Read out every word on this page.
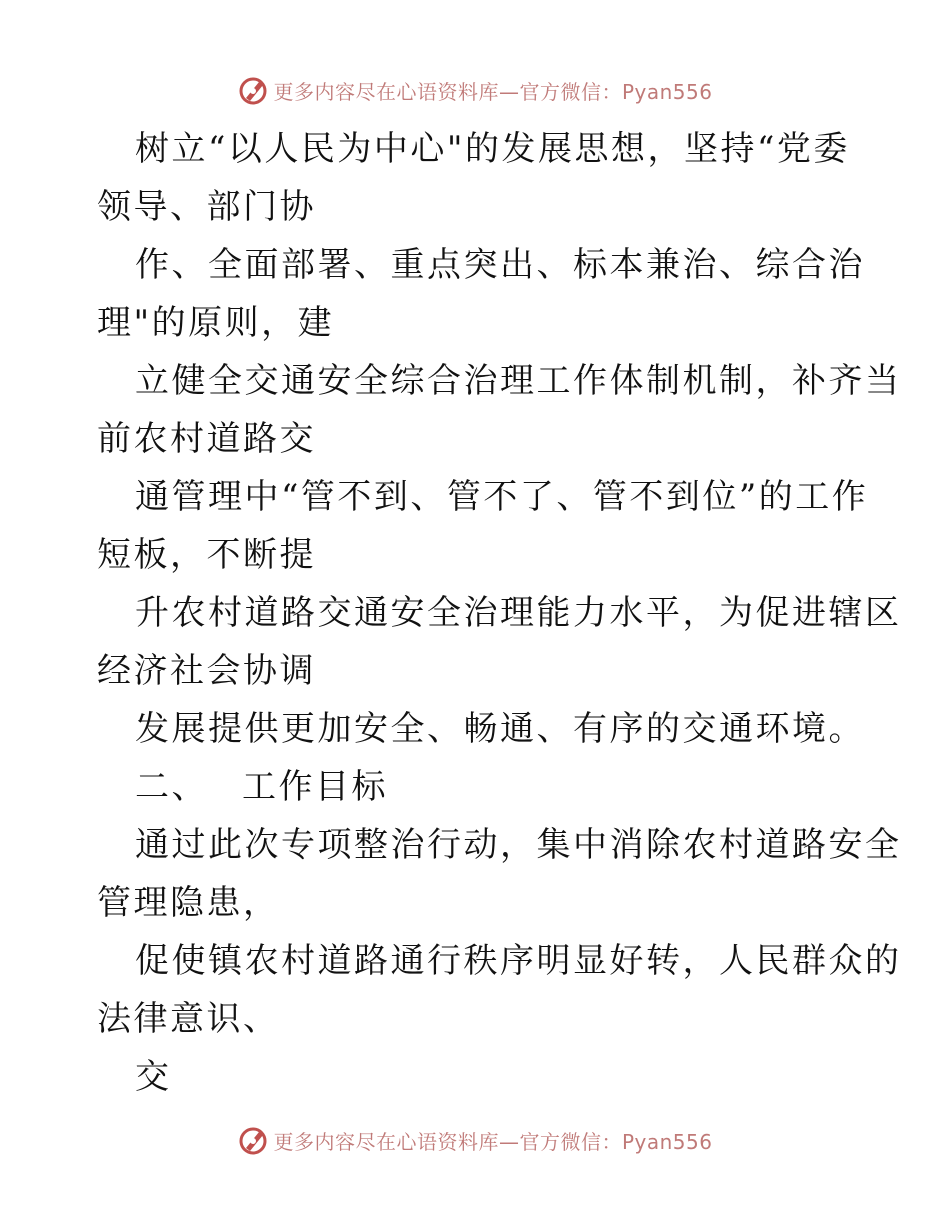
更多内容尽在心语资料库—官方微信：Pyan556
树立“以人民为中心"的发展思想，坚持“党委
领导、部门协
作、全面部署、重点突出、标本兼治、综合治
理"的原则，建
立健全交通安全综合治理工作体制机制，补齐当
前农村道路交
通管理中“管不到、管不了、管不到位”的工作
短板，不断提
升农村道路交通安全治理能力水平，为促进辖区
经济社会协调
发展提供更加安全、畅通、有序的交通环境。
二、 工作目标
通过此次专项整治行动，集中消除农村道路安全
管理隐患，
促使镇农村道路通行秩序明显好转，人民群众的
法律意识、
交
更多内容尽在心语资料库—官方微信：Pyan556
